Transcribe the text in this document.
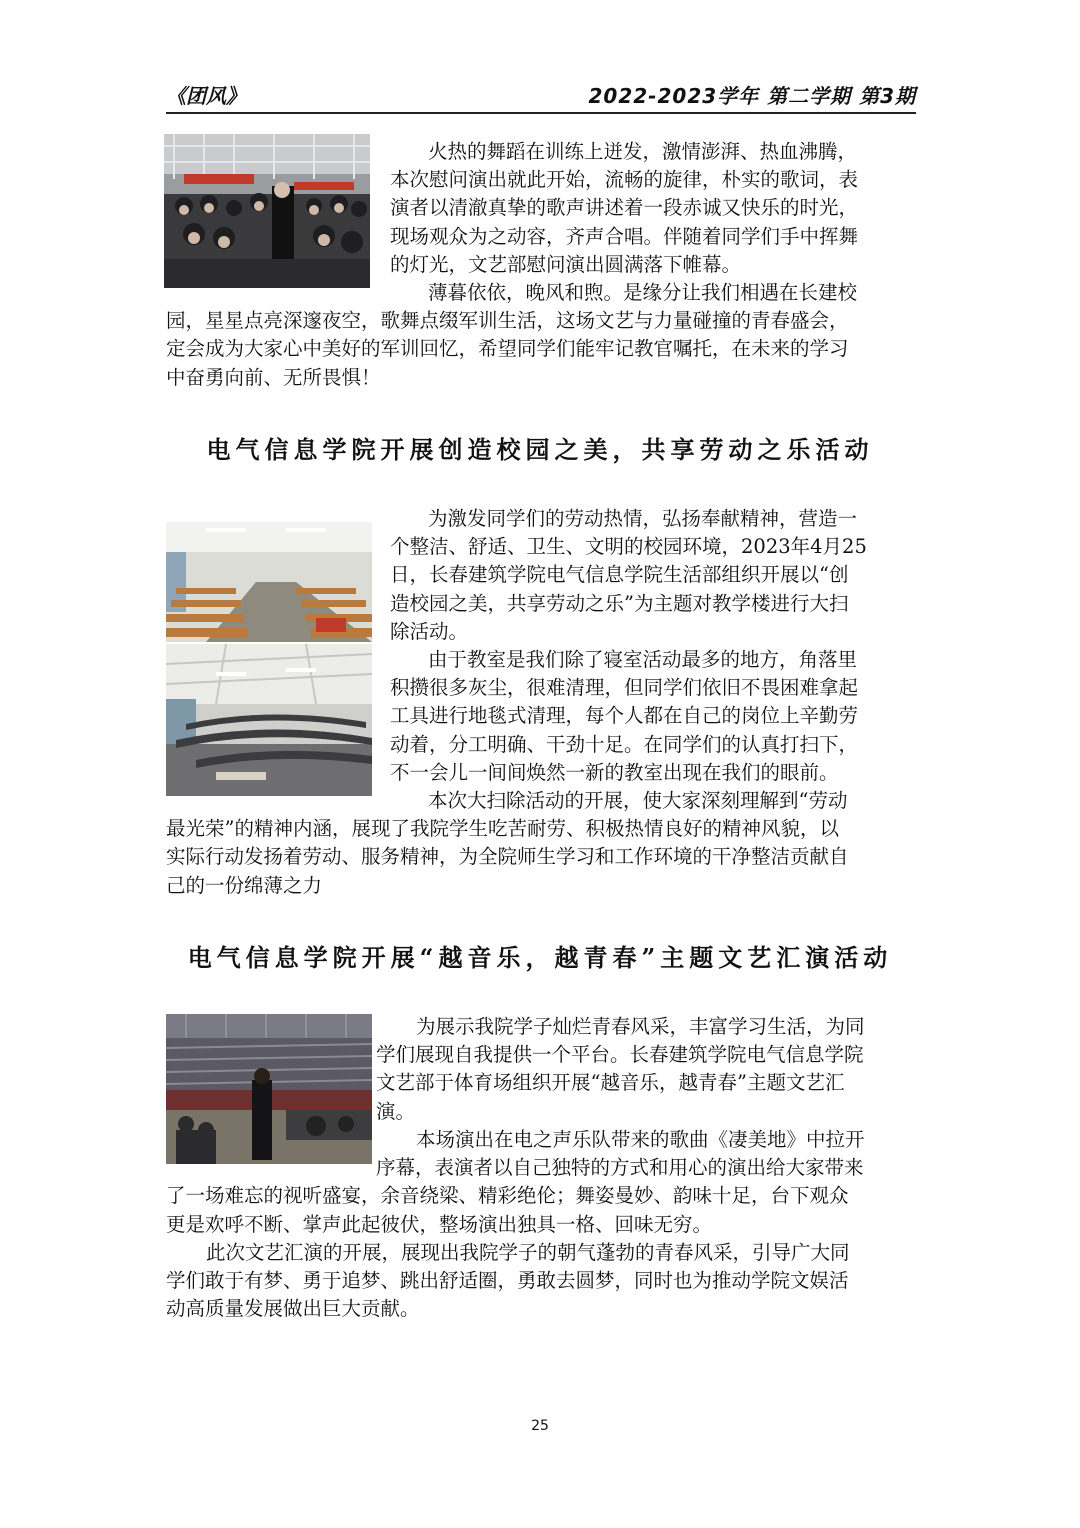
《团风》	2022-2023学年 第二学期 第3期
火热的舞蹈在训练上迸发，激情澎湃、热血沸腾，
本次慰问演出就此开始，流畅的旋律，朴实的歌词，表
演者以清澈真挚的歌声讲述着一段赤诚又快乐的时光，
现场观众为之动容，齐声合唱。伴随着同学们手中挥舞
的灯光，文艺部慰问演出圆满落下帷幕。
薄暮依依，晚风和煦。是缘分让我们相遇在长建校
园，星星点亮深邃夜空，歌舞点缀军训生活，这场文艺与力量碰撞的青春盛会，
定会成为大家心中美好的军训回忆，希望同学们能牢记教官嘱托，在未来的学习
中奋勇向前、无所畏惧！
电气信息学院开展创造校园之美，共享劳动之乐活动
为激发同学们的劳动热情，弘扬奉献精神，营造一
个整洁、舒适、卫生、文明的校园环境，2023年4月25
日，长春建筑学院电气信息学院生活部组织开展以“创
造校园之美，共享劳动之乐”为主题对教学楼进行大扫
除活动。
由于教室是我们除了寝室活动最多的地方，角落里
积攒很多灰尘，很难清理，但同学们依旧不畏困难拿起
工具进行地毯式清理，每个人都在自己的岗位上辛勤劳
动着，分工明确、干劲十足。在同学们的认真打扫下，
不一会儿一间间焕然一新的教室出现在我们的眼前。
本次大扫除活动的开展，使大家深刻理解到“劳动
最光荣”的精神内涵，展现了我院学生吃苦耐劳、积极热情良好的精神风貌，以
实际行动发扬着劳动、服务精神，为全院师生学习和工作环境的干净整洁贡献自
己的一份绵薄之力
电气信息学院开展“越音乐，越青春”主题文艺汇演活动
为展示我院学子灿烂青春风采，丰富学习生活，为同
学们展现自我提供一个平台。长春建筑学院电气信息学院
文艺部于体育场组织开展“越音乐，越青春”主题文艺汇
演。
本场演出在电之声乐队带来的歌曲《凄美地》中拉开
序幕，表演者以自己独特的方式和用心的演出给大家带来
了一场难忘的视听盛宴，余音绕梁、精彩绝伦；舞姿曼妙、韵味十足，台下观众
更是欢呼不断、掌声此起彼伏，整场演出独具一格、回味无穷。
此次文艺汇演的开展，展现出我院学子的朝气蓬勃的青春风采，引导广大同
学们敢于有梦、勇于追梦、跳出舒适圈，勇敢去圆梦，同时也为推动学院文娱活
动高质量发展做出巨大贡献。
25
